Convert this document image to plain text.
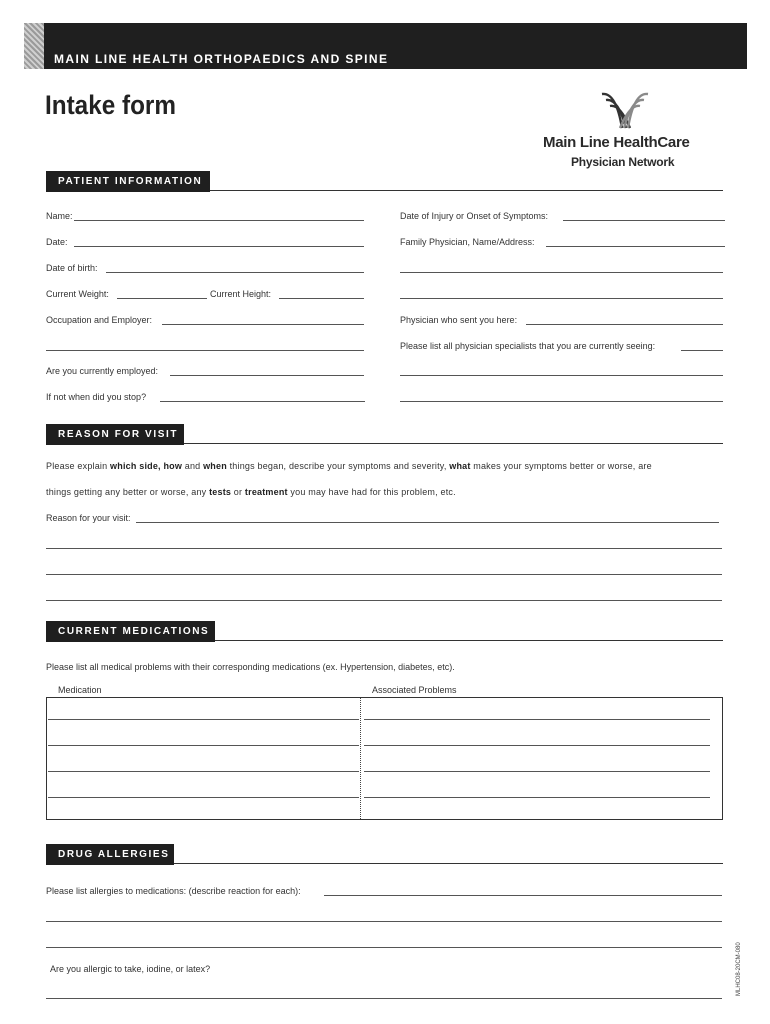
MAIN LINE HEALTH ORTHOPAEDICS AND SPINE
Intake form
Main Line HealthCare
Physician Network
PATIENT INFORMATION
Name:
Date:
Date of birth:
Current Weight:	Current Height:
Occupation and Employer:
Are you currently employed:
If not when did you stop?
Date of Injury or Onset of Symptoms:
Family Physician, Name/Address:
Physician who sent you here:
Please list all physician specialists that you are currently seeing:
REASON FOR VISIT
Please explain which side, how and when things began, describe your symptoms and severity, what makes your symptoms better or worse, are
things getting any better or worse, any tests or treatment you may have had for this problem, etc.
Reason for your visit:
CURRENT MEDICATIONS
Please list all medical problems with their corresponding medications (ex. Hypertension, diabetes, etc).
Medication	Associated Problems
DRUG ALLERGIES
Please list allergies to medications: (describe reaction for each):
Are you allergic to take, iodine, or latex?	MLHC08-20CM-080
